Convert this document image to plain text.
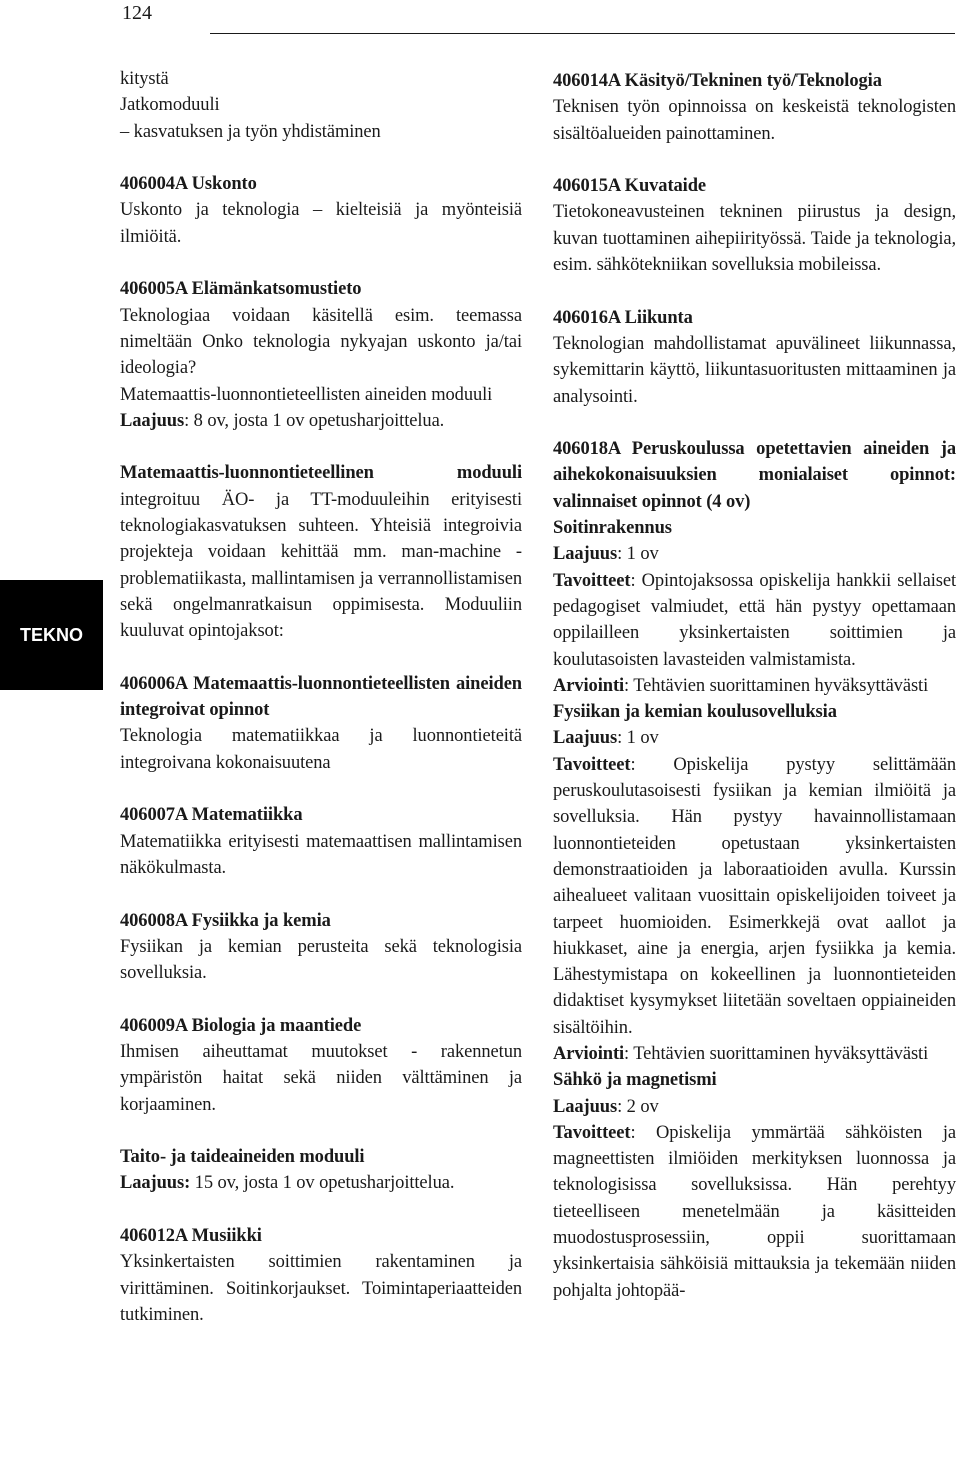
124
TEKNO

kitystä

Jatkomoduuli

– kasvatuksen ja työn yhdistäminen

406004A Uskonto

Uskonto ja teknologia – kielteisiä ja myönteisiä ilmiöitä.

406005A Elämänkatsomustieto

Teknologiaa voidaan käsitellä esim. teemassa nimeltään Onko teknologia nykyajan uskonto ja/tai ideologia?

Matemaattis-luonnontieteellisten aineiden moduuli

Laajuus: 8 ov, josta 1 ov opetusharjoittelua.

Matemaattis-luonnontieteellinen moduuli integroituu ÄO- ja TT-moduuleihin erityisesti teknologiakasvatuksen suhteen. Yhteisiä integroivia projekteja voidaan kehittää mm. man-machine -problematiikasta, mallintamisen ja verrannollistamisen sekä ongelmanratkaisun oppimisesta. Moduuliin kuuluvat opintojaksot:

406006A Matemaattis-luonnontieteellisten aineiden integroivat opinnot

Teknologia matematiikkaa ja luonnontieteitä integroivana kokonaisuutena

406007A Matematiikka

Matematiikka erityisesti matemaattisen mallintamisen näkökulmasta.

406008A Fysiikka ja kemia

Fysiikan ja kemian perusteita sekä teknologisia sovelluksia.

406009A Biologia ja maantiede

Ihmisen aiheuttamat muutokset - rakennetun ympäristön haitat sekä niiden välttäminen ja korjaaminen.

Taito- ja taideaineiden moduuli

Laajuus: 15 ov, josta 1 ov opetusharjoittelua.

406012A Musiikki

Yksinkertaisten soittimien rakentaminen ja virittäminen. Soitinkorjaukset. Toimintaperiaatteiden tutkiminen.

406014A Käsityö/Tekninen työ/Teknologia

Teknisen työn opinnoissa on keskeistä teknologisten sisältöalueiden painottaminen.

406015A Kuvataide

Tietokoneavusteinen tekninen piirustus ja design, kuvan tuottaminen aihepiirityössä. Taide ja teknologia, esim. sähkötekniikan sovelluksia mobileissa.

406016A Liikunta

Teknologian mahdollistamat apuvälineet liikunnassa, sykemittarin käyttö, liikuntasuoritusten mittaaminen ja analysointi.

406018A Peruskoulussa opetettavien aineiden ja aihekokonaisuuksien monialaiset opinnot: valinnaiset opinnot (4 ov)

Soitinrakennus

Laajuus: 1 ov

Tavoitteet: Opintojaksossa opiskelija hankkii sellaiset pedagogiset valmiudet, että hän pystyy opettamaan oppilailleen yksinkertaisten soittimien ja koulutasoisten lavasteiden valmistamista.

Arviointi: Tehtävien suorittaminen hyväksyttävästi

Fysiikan ja kemian koulusovelluksia

Laajuus: 1 ov

Tavoitteet: Opiskelija pystyy selittämään peruskoulutasoisesti fysiikan ja kemian ilmiöitä ja sovelluksia. Hän pystyy havainnollistamaan luonnontieteiden opetustaan yksinkertaisten demonstraatioiden ja laboraatioiden avulla. Kurssin aihealueet valitaan vuosittain opiskelijoiden toiveet ja tarpeet huomioiden. Esimerkkejä ovat aallot ja hiukkaset, aine ja energia, arjen fysiikka ja kemia. Lähestymistapa on kokeellinen ja luonnontieteiden didaktiset kysymykset liitetään soveltaen oppiaineiden sisältöihin.

Arviointi: Tehtävien suorittaminen hyväksyttävästi

Sähkö ja magnetismi

Laajuus: 2 ov

Tavoitteet: Opiskelija ymmärtää sähköisten ja magneettisten ilmiöiden merkityksen luonnossa ja teknologisissa sovelluksissa. Hän perehtyy tieteelliseen menetelmään ja käsitteiden muodostusprosessiin, oppii suorittamaan yksinkertaisia sähköisiä mittauksia ja tekemään niiden pohjalta johtopää-
